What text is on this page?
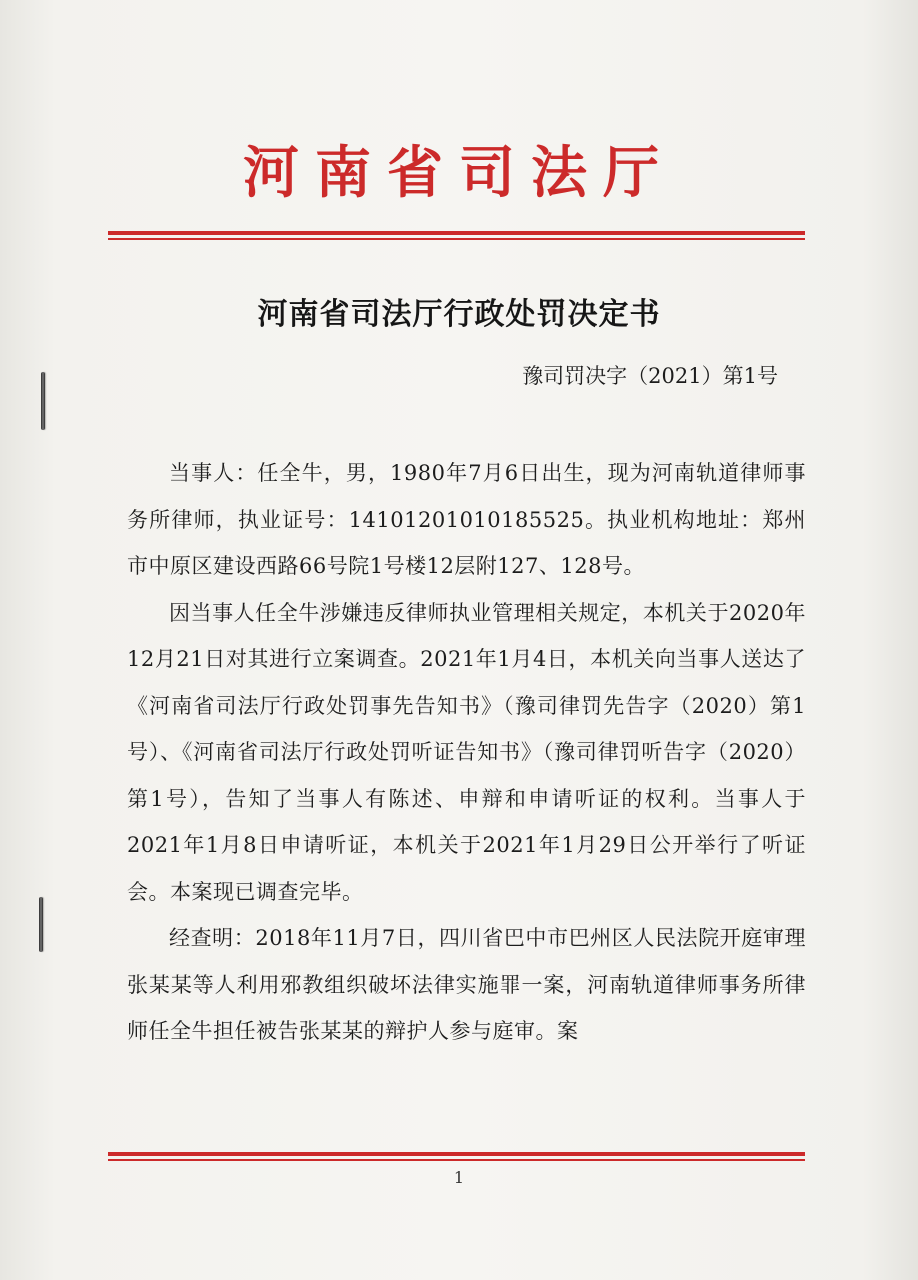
河南省司法厅
河南省司法厅行政处罚决定书
豫司罚决字（2021）第1号

当事人：任全牛，男，1980年7月6日出生，现为河南轨道律师事务所律师，执业证号：14101201010185525。执业机构地址：郑州市中原区建设西路66号院1号楼12层附127、128号。

因当事人任全牛涉嫌违反律师执业管理相关规定，本机关于2020年12月21日对其进行立案调查。2021年1月4日，本机关向当事人送达了《河南省司法厅行政处罚事先告知书》（豫司律罚先告字（2020）第1号）、《河南省司法厅行政处罚听证告知书》（豫司律罚听告字（2020）第1号），告知了当事人有陈述、申辩和申请听证的权利。当事人于2021年1月8日申请听证，本机关于2021年1月29日公开举行了听证会。本案现已调查完毕。

经查明：2018年11月7日，四川省巴中市巴州区人民法院开庭审理张某某等人利用邪教组织破坏法律实施罪一案，河南轨道律师事务所律师任全牛担任被告张某某的辩护人参与庭审。案

1
